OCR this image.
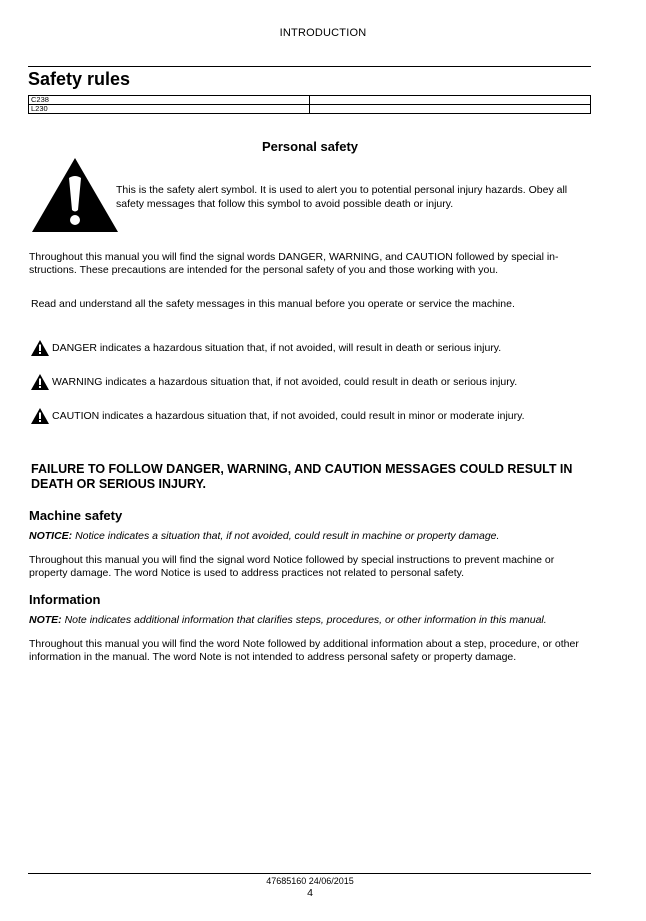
INTRODUCTION
Safety rules
C238	
L230	
Personal safety
This is the safety alert symbol. It is used to alert you to potential personal injury hazards. Obey all safety messages that follow this symbol to avoid possible death or injury.
Throughout this manual you will find the signal words DANGER, WARNING, and CAUTION followed by special in-structions. These precautions are intended for the personal safety of you and those working with you.
Read and understand all the safety messages in this manual before you operate or service the machine.
DANGER indicates a hazardous situation that, if not avoided, will result in death or serious injury.
WARNING indicates a hazardous situation that, if not avoided, could result in death or serious injury.
CAUTION indicates a hazardous situation that, if not avoided, could result in minor or moderate injury.
FAILURE TO FOLLOW DANGER, WARNING, AND CAUTION MESSAGES COULD RESULT IN DEATH OR SERIOUS INJURY.
Machine safety
NOTICE: Notice indicates a situation that, if not avoided, could result in machine or property damage.
Throughout this manual you will find the signal word Notice followed by special instructions to prevent machine or property damage. The word Notice is used to address practices not related to personal safety.
Information
NOTE: Note indicates additional information that clarifies steps, procedures, or other information in this manual.
Throughout this manual you will find the word Note followed by additional information about a step, procedure, or other information in the manual. The word Note is not intended to address personal safety or property damage.
47685160 24/06/2015
4
